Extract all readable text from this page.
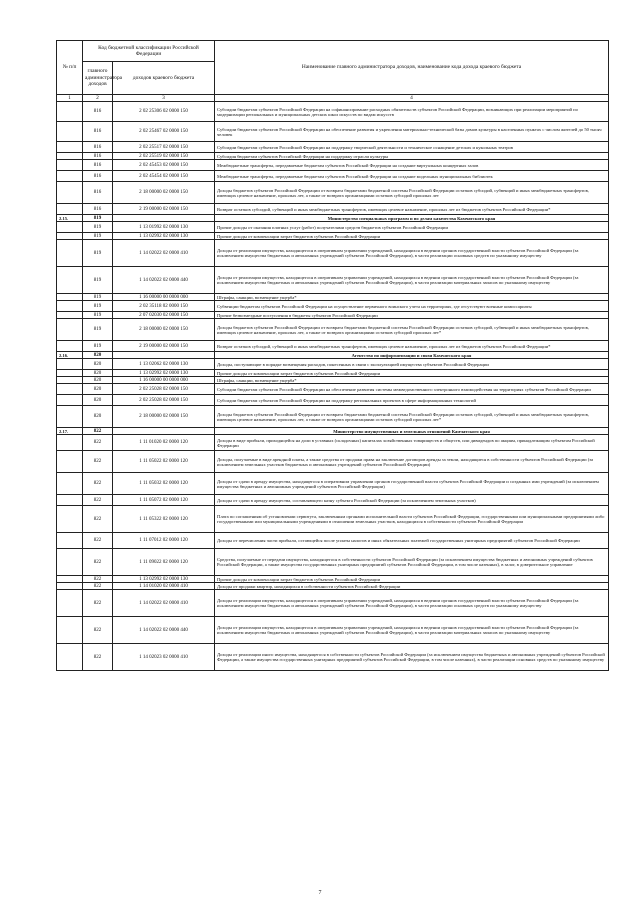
№ п/п	Код бюджетной классификации Российской Федерации		Наименование главного администратора доходов, наименование кода дохода краевого бюджета
	главного администратора доходов	доходов краевого бюджета	
1	2	3	4
	816	2 02 25306 02 0000 150	Субсидии бюджетам субъектов Российской Федерации на софинансирование расходных обязательств субъектов Российской Федерации, возникающих при реализации мероприятий по модернизации региональных и муниципальных детских школ искусств по видам искусств
	816	2 02 25467 02 0000 150	Субсидии бюджетам субъектов Российской Федерации на обеспечение развития и укрепления материально-технической базы домов культуры в населенных пунктах с числом жителей до 50 тысяч человек
	816	2 02 25517 02 0000 150	Субсидии бюджетам субъектов Российской Федерации на поддержку творческой деятельности и техническое оснащение детских и кукольных театров
	816	2 02 25519 02 0000 150	Субсидия бюджетам субъектов Российской Федерации на поддержку отрасли культуры
	816	2 02 45453 02 0000 150	Межбюджетные трансферты, передаваемые бюджетам субъектов Российской Федерации на создание виртуальных концертных залов
	816	2 02 45454 02 0000 150	Межбюджетные трансферты, передаваемые бюджетам субъектов Российской Федерации на создание модельных муниципальных библиотек
	816	2 18 00000 02 0000 150	Доходы бюджетов субъектов Российской Федерации от возврата бюджетами бюджетной системы Российской Федерации остатков субсидий, субвенций и иных межбюджетных трансфертов, имеющих целевое назначение, прошлых лет, а также от возврата организациями остатков субсидий прошлых лет
	816	2 19 00000 02 0000 150	Возврат остатков субсидий, субвенций и иных межбюджетных трансфертов, имеющих целевое назначение, прошлых лет из бюджетов субъектов Российской Федерации*
2.15.	819		Министерство специальных программ и по делам казачества Камчатского края
	819	1 13 01992 02 0000 130	Прочие доходы от оказания платных услуг (работ) получателями средств бюджетов субъектов Российской Федерации
	819	1 13 02992 02 0000 130	Прочие доходы от компенсации затрат бюджетов субъектов Российской Федерации
	819	1 14 02022 02 0000 410	Доходы от реализации имущества, находящегося в оперативном управлении учреждений, находящихся в ведении органов государственной власти субъектов Российской Федерации (за исключением имущества бюджетных и автономных учреждений субъектов Российской Федерации), в части реализации основных средств по указанному имуществу
	819	1 14 02022 02 0000 440	Доходы от реализации имущества, находящегося в оперативном управлении учреждений, находящихся в ведении органов государственной власти субъектов Российской Федерации (за исключением имущества бюджетных и автономных учреждений субъектов Российской Федерации), в части реализации материальных запасов по указанному имуществу
	819	1 16 00000 00 0000 000	Штрафы, санкции, возмещение ущерба*
	819	2 02 35118 02 0000 150	Субвенции бюджетам субъектов Российской Федерации на осуществление первичного воинского учета на территориях, где отсутствуют военные комиссариаты
	819	2 07 02030 02 0000 150	Прочие безвозмездные поступления в бюджеты субъектов Российской Федерации
	819	2 18 00000 02 0000 150	Доходы бюджетов субъектов Российской Федерации от возврата бюджетами бюджетной системы Российской Федерации остатков субсидий, субвенций и иных межбюджетных трансфертов, имеющих целевое назначение, прошлых лет, а также от возврата организациями остатков субсидий прошлых лет*
	819	2 19 00000 02 0000 150	Возврат остатков субсидий, субвенций и иных межбюджетных трансфертов, имеющих целевое назначение, прошлых лет из бюджетов субъектов Российской Федерации*
2.16.	820		Агентство по информатизации и связи Камчатского края
	820	1 13 02062 02 0000 130	Доходы, поступающие в порядке возмещения расходов, понесенных в связи с эксплуатацией имущества субъектов Российской Федерации
	820	1 13 02992 02 0000 130	Прочие доходы от компенсации затрат бюджетов субъектов Российской Федерации
	820	1 16 00000 00 0000 000	Штрафы, санкции, возмещение ущерба*
	820	2 02 25028 02 0000 150	Субсидии бюджетам субъектов Российской Федерации на обеспечение развития системы межведомственного электронного взаимодействия на территориях субъектов Российской Федерации
	820	2 02 25028 02 0000 150	Субсидии бюджетам субъектов Российской Федерации на поддержку региональных проектов в сфере информационных технологий
	820	2 18 00000 02 0000 150	Доходы бюджетов субъектов Российской Федерации от возврата бюджетами бюджетной системы Российской Федерации остатков субсидий, субвенций и иных межбюджетных трансфертов, имеющих целевое назначение, прошлых лет, а также от возврата организациями остатков субсидий прошлых лет*
2.17.	822		Министерство имущественных и земельных отношений Камчатского края
	822	1 11 01020 02 0000 120	Доходы в виде прибыли, приходящейся на доли в уставных (складочных) капиталах хозяйственных товариществ и обществ, или дивидендов по акциям, принадлежащим субъектам Российской Федерации
	822	1 11 05022 02 0000 120	Доходы, получаемые в виде арендной платы, а также средства от продажи права на заключение договоров аренды за земли, находящиеся в собственности субъектов Российской Федерации (за исключением земельных участков бюджетных и автономных учреждений субъектов Российской Федерации)
	822	1 11 05032 02 0000 120	Доходы от сдачи в аренду имущества, находящегося в оперативном управлении органов государственной власти субъектов Российской Федерации и созданных ими учреждений (за исключением имущества бюджетных и автономных учреждений субъектов Российской Федерации)
	822	1 11 05072 02 0000 120	Доходы от сдачи в аренду имущества, составляющего казну субъекта Российской Федерации (за исключением земельных участков)
	822	1 11 05322 02 0000 120	Плата по соглашениям об установлении сервитута, заключенным органами исполнительной власти субъектов Российской Федерации, государственными или муниципальными предприятиями либо государственными или муниципальными учреждениями в отношении земельных участков, находящихся в собственности субъектов Российской Федерации
	822	1 11 07012 02 0000 120	Доходы от перечисления части прибыли, остающейся после уплаты налогов и иных обязательных платежей государственных унитарных предприятий субъектов Российской Федерации
	822	1 11 09022 02 0000 120	Средства, получаемые от передачи имущества, находящегося в собственности субъектов Российской Федерации (за исключением имущества бюджетных и автономных учреждений субъектов Российской Федерации, а также имущества государственных унитарных предприятий субъектов Российской Федерации, в том числе казенных), в залог, в доверительное управление
	822	1 13 02992 02 0000 130	Прочие доходы от компенсации затрат бюджетов субъектов Российской Федерации
	822	1 14 01020 02 0000 410	Доходы от продажи квартир, находящихся в собственности субъектов Российской Федерации
	822	1 14 02022 02 0000 410	Доходы от реализации имущества, находящегося в оперативном управлении учреждений, находящихся в ведении органов государственной власти субъектов Российской Федерации (за исключением имущества бюджетных и автономных учреждений субъектов Российской Федерации), в части реализации основных средств по указанному имуществу
	822	1 14 02022 02 0000 440	Доходы от реализации имущества, находящегося в оперативном управлении учреждений, находящихся в ведении органов государственной власти субъектов Российской Федерации (за исключением имущества бюджетных и автономных учреждений субъектов Российской Федерации), в части реализации материальных запасов по указанному имуществу
	822	1 14 02023 02 0000 410	Доходы от реализации иного имущества, находящегося в собственности субъектов Российской Федерации (за исключением имущества бюджетных и автономных учреждений субъектов Российской Федерации, а также имущества государственных унитарных предприятий субъектов Российской Федерации, в том числе казенных), в части реализации основных средств по указанному имуществу
7
